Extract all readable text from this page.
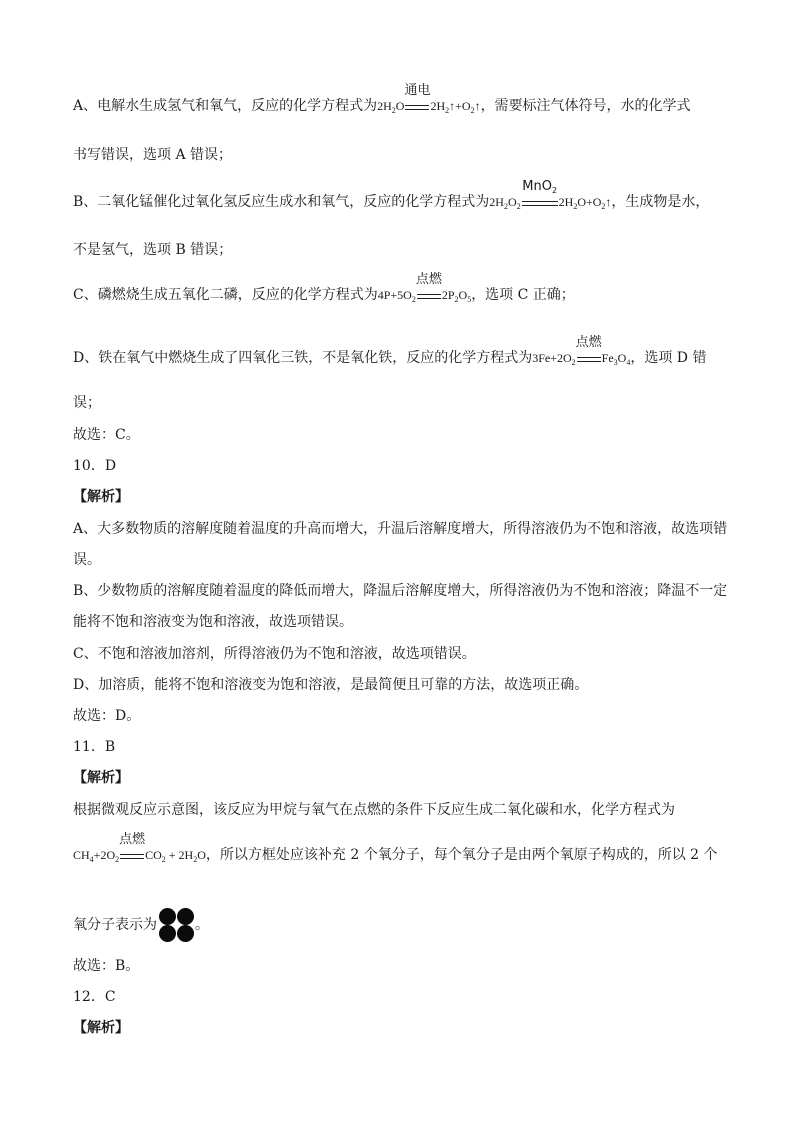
A、电解水生成氢气和氧气，反应的化学方程式为$2H_2O$
通电
$2H_2↑+O_2↑$，需要标注气体符号，水的化学式
书写错误，选项 A 错误；
B、二氧化锰催化过氧化氢反应生成水和氧气，反应的化学方程式为$2H_2O_2$
MnO$_2$
$2H_2O+O_2↑$，生成物是水，
不是氢气，选项 B 错误；
C、磷燃烧生成五氧化二磷，反应的化学方程式为$4P+5O_2$
点燃
$2P_2O_5$，选项 C 正确；
D、铁在氧气中燃烧生成了四氧化三铁，不是氧化铁，反应的化学方程式为$3Fe+2O_2$
点燃
$Fe_3O_4$，选项 D 错
误；
故选：C。
10．D
【解析】
A、大多数物质的溶解度随着温度的升高而增大，升温后溶解度增大，所得溶液仍为不饱和溶液，故选项错
误。
B、少数物质的溶解度随着温度的降低而增大，降温后溶解度增大，所得溶液仍为不饱和溶液；降温不一定
能将不饱和溶液变为饱和溶液，故选项错误。
C、不饱和溶液加溶剂，所得溶液仍为不饱和溶液，故选项错误。
D、加溶质，能将不饱和溶液变为饱和溶液，是最简便且可靠的方法，故选项正确。
故选：D。
11．B
【解析】
根据微观反应示意图，该反应为甲烷与氧气在点燃的条件下反应生成二氧化碳和水，化学方程式为
$CH_4+2O_2$
点燃
$CO_2 + 2H_2O$，所以方框处应该补充 2 个氧分子，每个氧分子是由两个氧原子构成的，所以 2 个
氧分子表示为	。
故选：B。
12．C
【解析】
